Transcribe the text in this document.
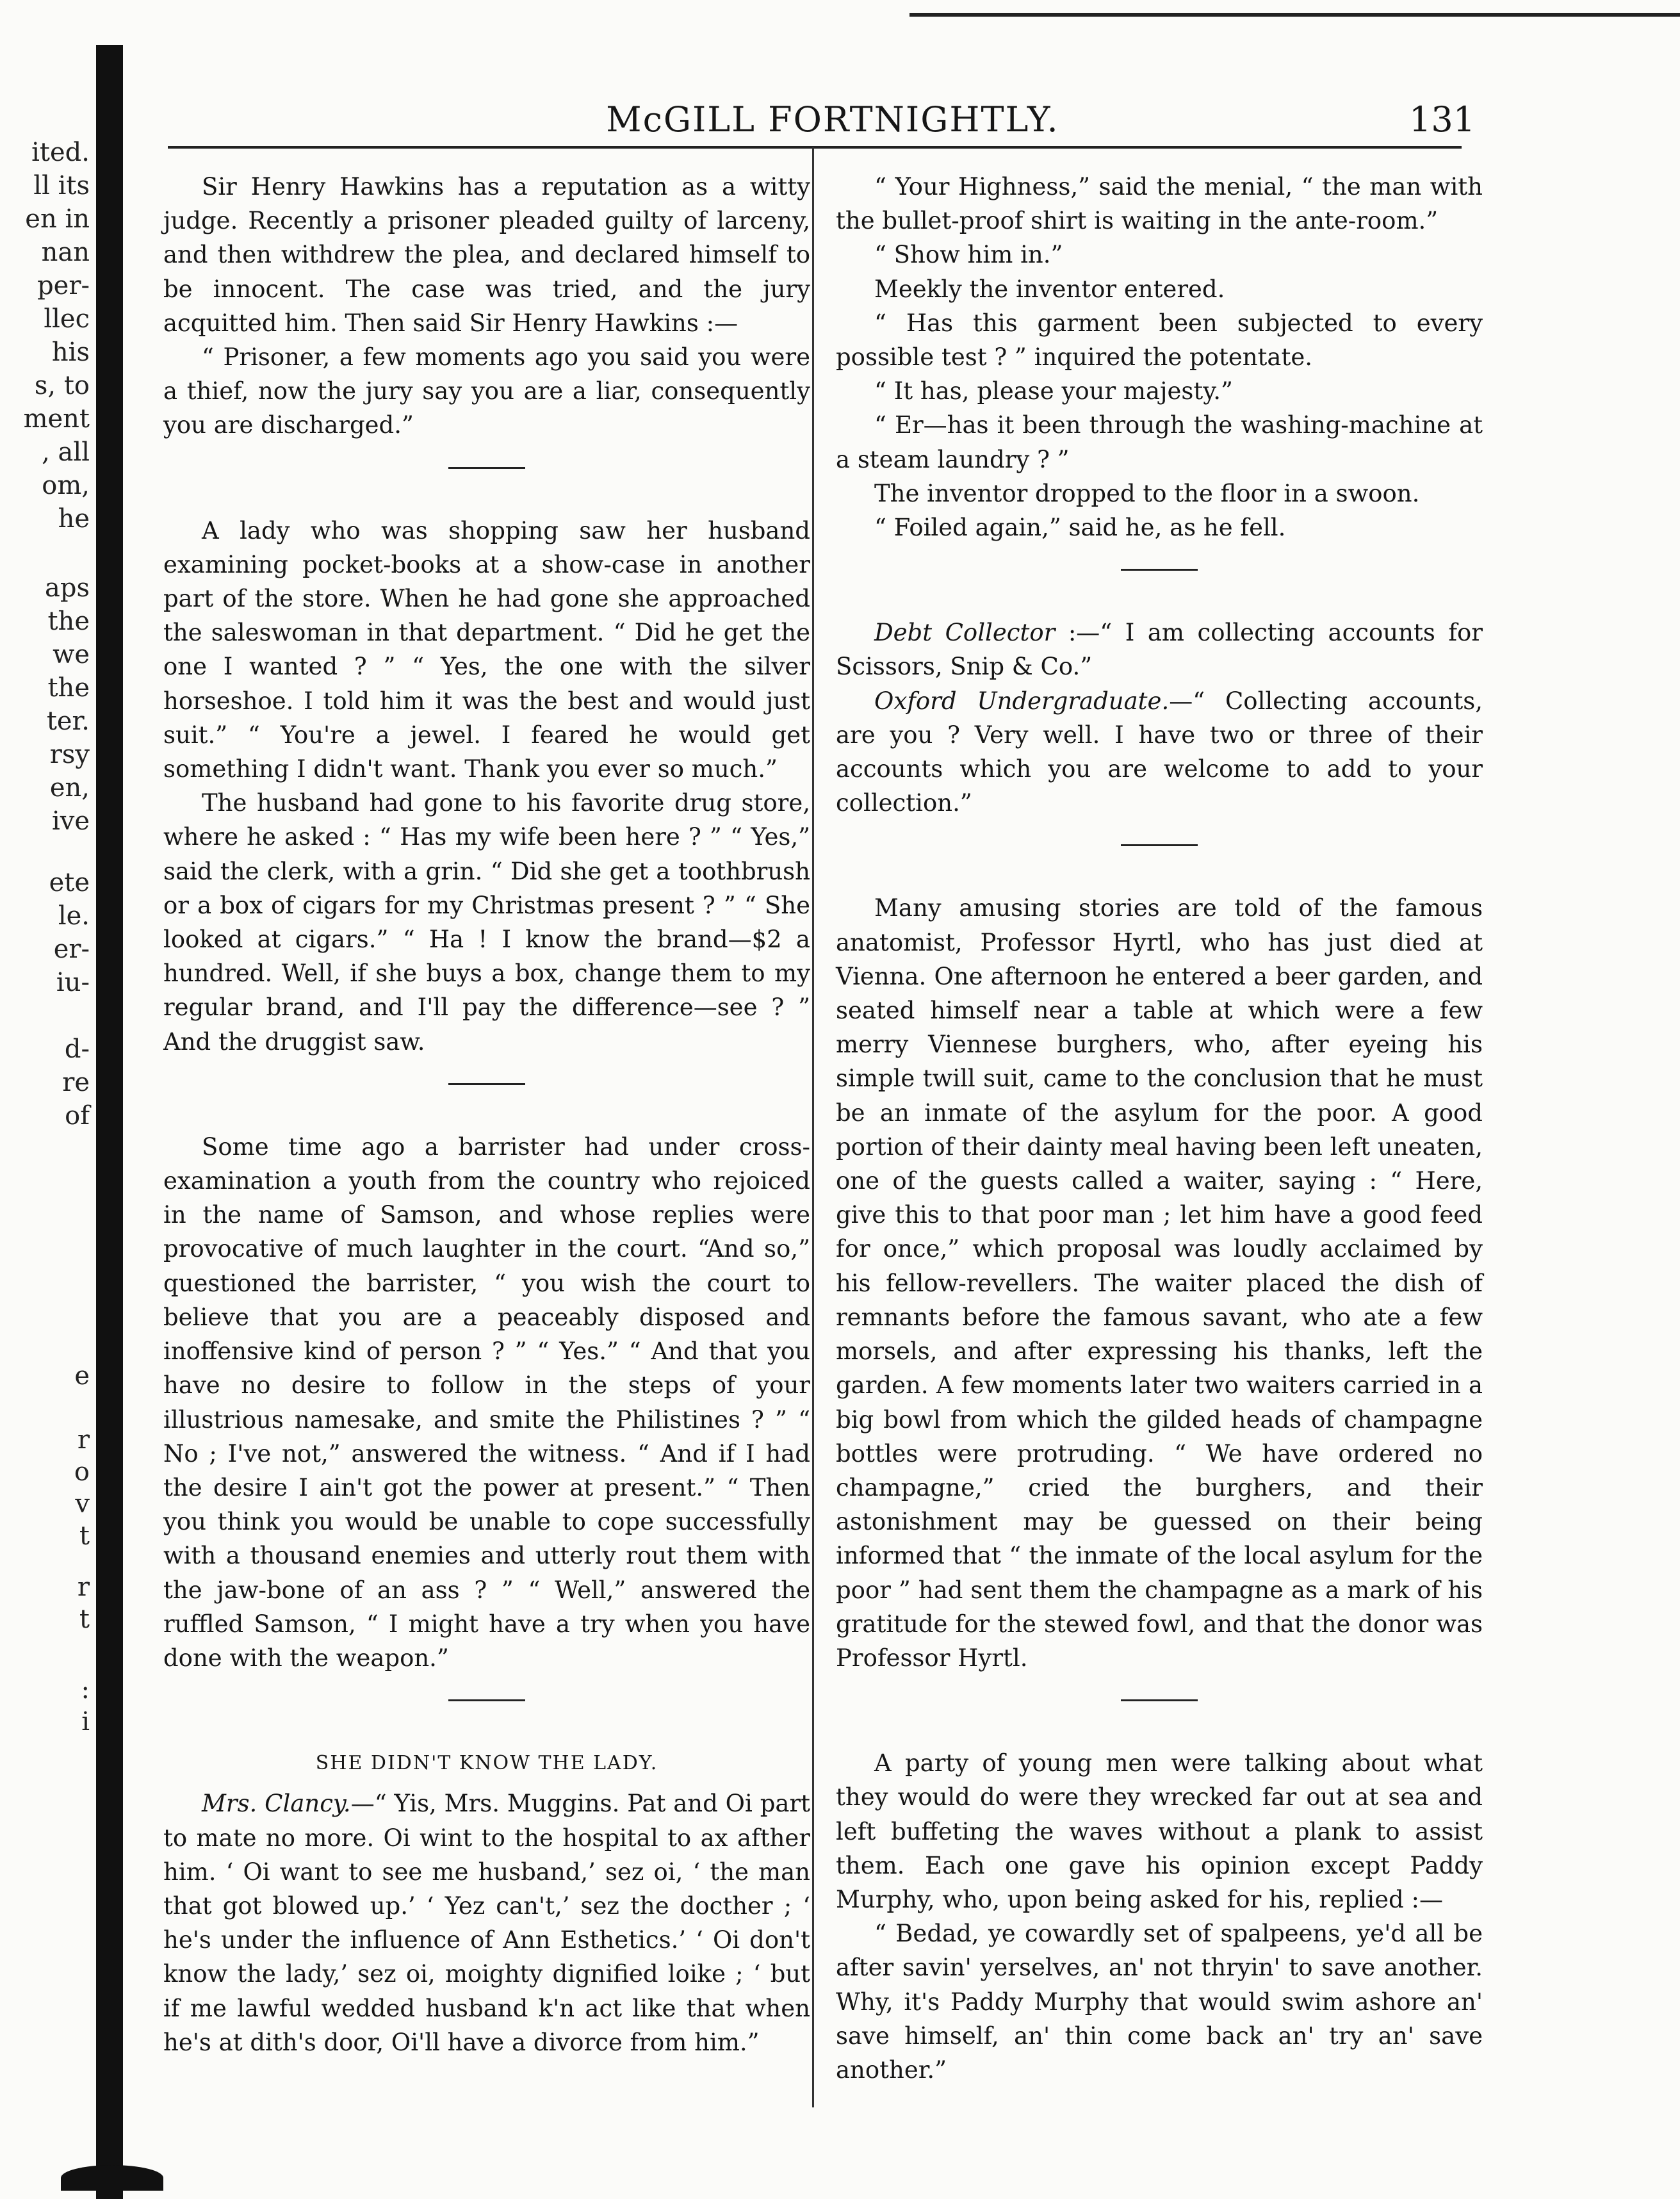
ited.
ll its
en in
nan
per-
llec
his
s, to
ment
, all
om,
he
aps
the
we
the
ter.
rsy
en,
ive
ete
le.
er-
iu-
d-
re
of
e
r
o
v
t
r
t
:
i
McGILL FORTNIGHTLY.	131

Sir Henry Hawkins has a reputation as a witty judge. Recently a prisoner pleaded guilty of larceny, and then withdrew the plea, and declared himself to be innocent. The case was tried, and the jury acquitted him. Then said Sir Henry Hawkins :—

“ Prisoner, a few moments ago you said you were a thief, now the jury say you are a liar, consequently you are discharged.”

A lady who was shopping saw her husband examining pocket-books at a show-case in another part of the store. When he had gone she approached the saleswoman in that department. “ Did he get the one I wanted ? ” “ Yes, the one with the silver horseshoe. I told him it was the best and would just suit.” “ You're a jewel. I feared he would get something I didn't want. Thank you ever so much.”

The husband had gone to his favorite drug store, where he asked : “ Has my wife been here ? ” “ Yes,” said the clerk, with a grin. “ Did she get a toothbrush or a box of cigars for my Christmas present ? ” “ She looked at cigars.” “ Ha ! I know the brand—$2 a hundred. Well, if she buys a box, change them to my regular brand, and I'll pay the difference—see ? ” And the druggist saw.

Some time ago a barrister had under cross-examination a youth from the country who rejoiced in the name of Samson, and whose replies were provocative of much laughter in the court. “And so,” questioned the barrister, “ you wish the court to believe that you are a peaceably disposed and inoffensive kind of person ? ” “ Yes.” “ And that you have no desire to follow in the steps of your illustrious namesake, and smite the Philistines ? ” “ No ; I've not,” answered the witness. “ And if I had the desire I ain't got the power at present.” “ Then you think you would be unable to cope successfully with a thousand enemies and utterly rout them with the jaw-bone of an ass ? ” “ Well,” answered the ruffled Samson, “ I might have a try when you have done with the weapon.”

SHE DIDN'T KNOW THE LADY.

Mrs. Clancy.—“ Yis, Mrs. Muggins. Pat and Oi part to mate no more. Oi wint to the hospital to ax afther him. ‘ Oi want to see me husband,’ sez oi, ‘ the man that got blowed up.’ ‘ Yez can't,’ sez the docther ; ‘ he's under the influence of Ann Esthetics.’ ‘ Oi don't know the lady,’ sez oi, moighty dignified loike ; ‘ but if me lawful wedded husband k'n act like that when he's at dith's door, Oi'll have a divorce from him.”

“ Your Highness,” said the menial, “ the man with the bullet-proof shirt is waiting in the ante-room.”

“ Show him in.”

Meekly the inventor entered.

“ Has this garment been subjected to every possible test ? ” inquired the potentate.

“ It has, please your majesty.”

“ Er—has it been through the washing-machine at a steam laundry ? ”

The inventor dropped to the floor in a swoon.

“ Foiled again,” said he, as he fell.

Debt Collector :—“ I am collecting accounts for Scissors, Snip & Co.”

Oxford Undergraduate.—“ Collecting accounts, are you ? Very well. I have two or three of their accounts which you are welcome to add to your collection.”

Many amusing stories are told of the famous anatomist, Professor Hyrtl, who has just died at Vienna. One afternoon he entered a beer garden, and seated himself near a table at which were a few merry Viennese burghers, who, after eyeing his simple twill suit, came to the conclusion that he must be an inmate of the asylum for the poor. A good portion of their dainty meal having been left uneaten, one of the guests called a waiter, saying : “ Here, give this to that poor man ; let him have a good feed for once,” which proposal was loudly acclaimed by his fellow-revellers. The waiter placed the dish of remnants before the famous savant, who ate a few morsels, and after expressing his thanks, left the garden. A few moments later two waiters carried in a big bowl from which the gilded heads of champagne bottles were protruding. “ We have ordered no champagne,” cried the burghers, and their astonishment may be guessed on their being informed that “ the inmate of the local asylum for the poor ” had sent them the champagne as a mark of his gratitude for the stewed fowl, and that the donor was Professor Hyrtl.

A party of young men were talking about what they would do were they wrecked far out at sea and left buffeting the waves without a plank to assist them. Each one gave his opinion except Paddy Murphy, who, upon being asked for his, replied :—

“ Bedad, ye cowardly set of spalpeens, ye'd all be after savin' yerselves, an' not thryin' to save another. Why, it's Paddy Murphy that would swim ashore an' save himself, an' thin come back an' try an' save another.”
